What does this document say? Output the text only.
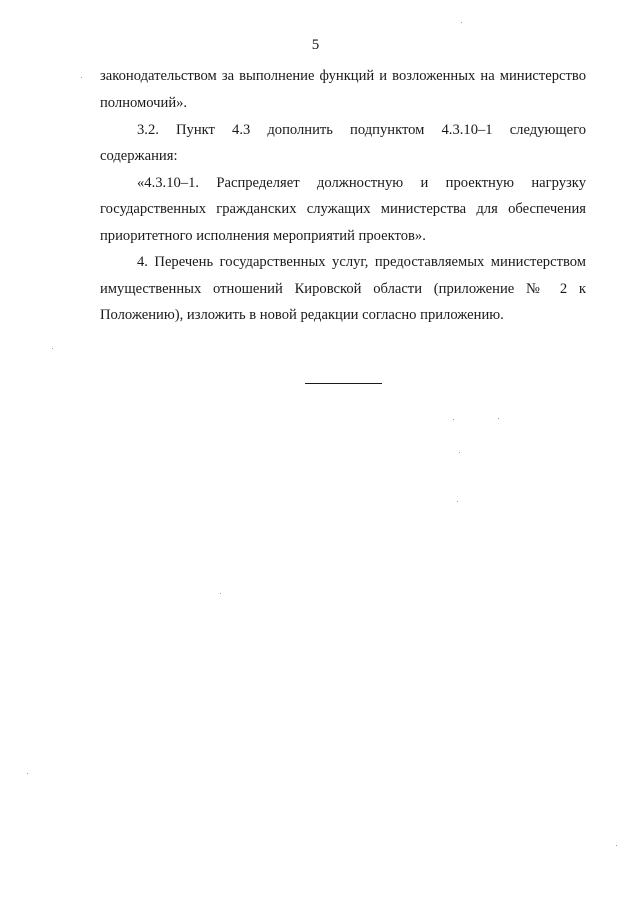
5
законодательством за выполнение функций и возложенных на министерство
полномочий».
3.2. Пункт 4.3 дополнить подпунктом 4.3.10–1 следующего
содержания:
«4.3.10–1. Распределяет должностную и проектную нагрузку
государственных гражданских служащих министерства для обеспечения
приоритетного исполнения мероприятий проектов».
4. Перечень государственных услуг, предоставляемых министерством
имущественных отношений Кировской области (приложение № 2 к
Положению), изложить в новой редакции согласно приложению.
